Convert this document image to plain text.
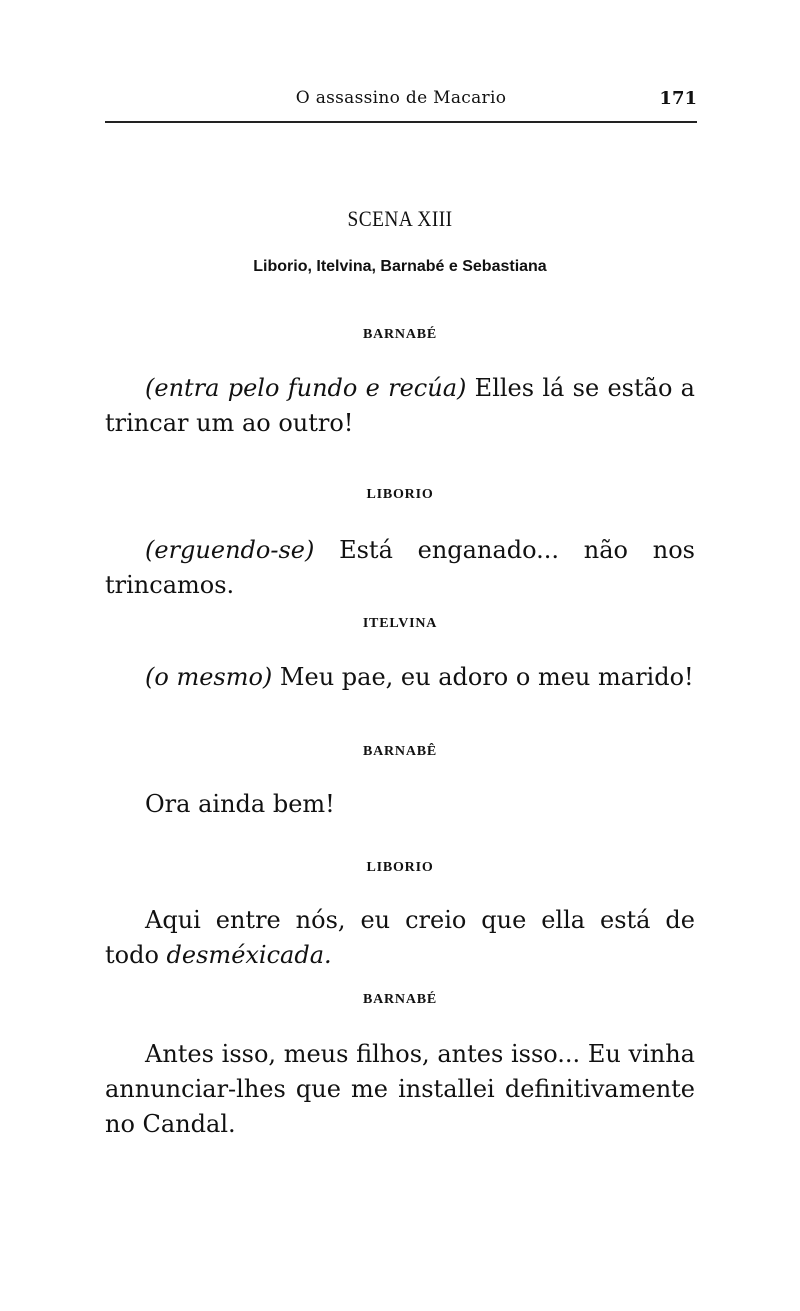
O assassino de Macario	171
SCENA XIII
Liborio, Itelvina, Barnabé e Sebastiana
BARNABÉ

(entra pelo fundo e recúa) Elles lá se estão a trincar um ao outro!

LIBORIO

(erguendo-se) Está enganado... não nos trincamos.

ITELVINA

(o mesmo) Meu pae, eu adoro o meu marido!

BARNABÊ

Ora ainda bem!

LIBORIO

Aqui entre nós, eu creio que ella está de todo desméxicada.

BARNABÉ

Antes isso, meus filhos, antes isso... Eu vinha annunciar-lhes que me installei definitivamente no Candal.
